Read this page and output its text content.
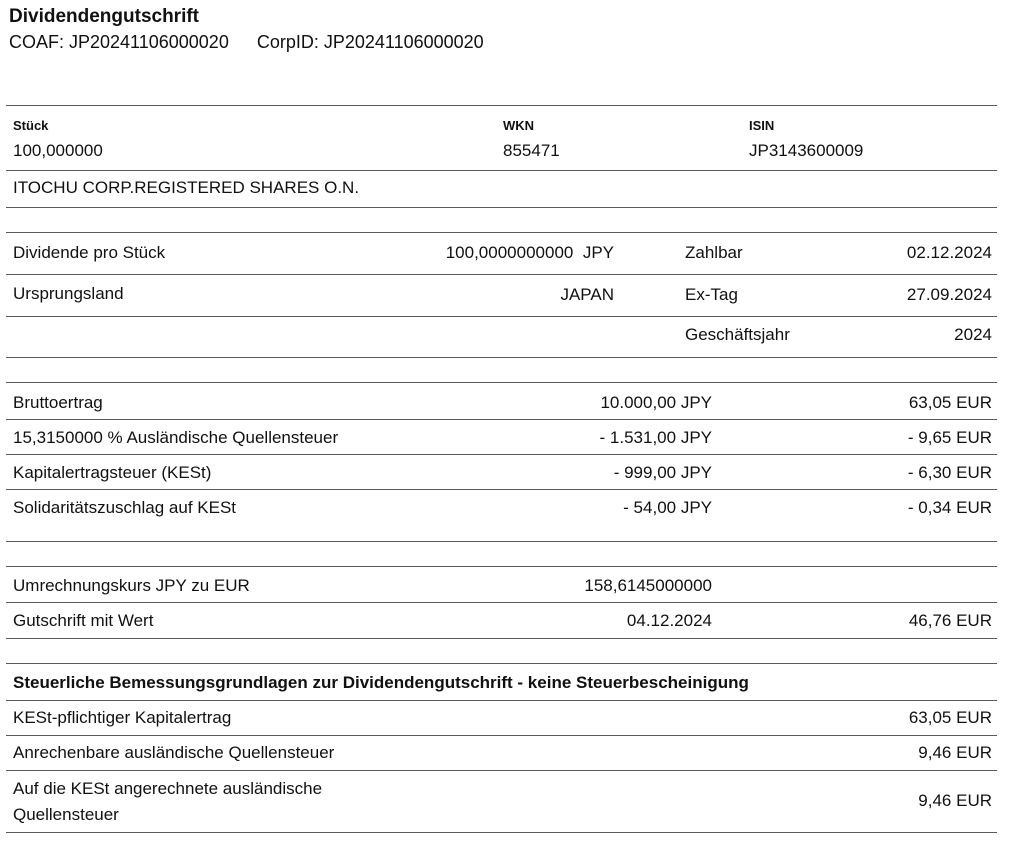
Dividendengutschrift
COAF: JP20241106000020 CorpID: JP20241106000020
Stück	WKN	ISIN
100,000000	855471	JP3143600009
ITOCHU CORP.REGISTERED SHARES O.N.
Dividende pro Stück	100,0000000000 JPY	Zahlbar	02.12.2024
Ursprungsland	JAPAN	Ex-Tag	27.09.2024
Geschäftsjahr	2024
Bruttoertrag	10.000,00 JPY	63,05 EUR
15,3150000 % Ausländische Quellensteuer	- 1.531,00 JPY	- 9,65 EUR
Kapitalertragsteuer (KESt)	- 999,00 JPY	- 6,30 EUR
Solidaritätszuschlag auf KESt	- 54,00 JPY	- 0,34 EUR
Umrechnungskurs JPY zu EUR	158,6145000000
Gutschrift mit Wert	04.12.2024	46,76 EUR
Steuerliche Bemessungsgrundlagen zur Dividendengutschrift - keine Steuerbescheinigung
KESt-pflichtiger Kapitalertrag	63,05 EUR
Anrechenbare ausländische Quellensteuer	9,46 EUR
Auf die KESt angerechnete ausländische
Quellensteuer
9,46 EUR
